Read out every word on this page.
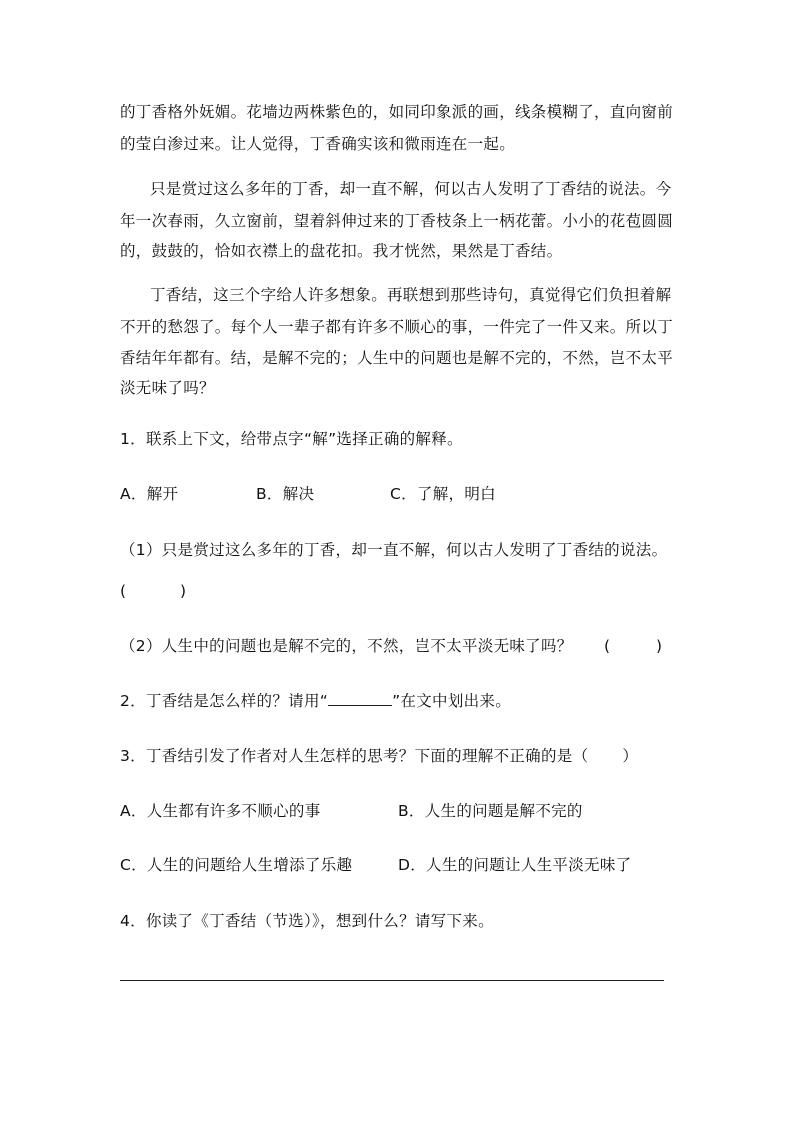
的丁香格外妩媚。花墙边两株紫色的，如同印象派的画，线条模糊了，直向窗前
的莹白渗过来。让人觉得，丁香确实该和微雨连在一起。
只是赏过这么多年的丁香，却一直不解，何以古人发明了丁香结的说法。今
年一次春雨，久立窗前，望着斜伸过来的丁香枝条上一柄花蕾。小小的花苞圆圆
的，鼓鼓的，恰如衣襟上的盘花扣。我才恍然，果然是丁香结。
丁香结，这三个字给人许多想象。再联想到那些诗句，真觉得它们负担着解
不开的愁怨了。每个人一辈子都有许多不顺心的事，一件完了一件又来。所以丁
香结年年都有。结，是解不完的；人生中的问题也是解不完的，不然，岂不太平
淡无味了吗？
1．联系上下文，给带点字“解”选择正确的解释。
A．解开	B．解决	C．了解，明白
（1）只是赏过这么多年的丁香，却一直不解，何以古人发明了丁香结的说法。
(	)
（2）人生中的问题也是解不完的，不然，岂不太平淡无味了吗？ (	)
2．丁香结是怎么样的？请用“	”在文中划出来。
3．丁香结引发了作者对人生怎样的思考？下面的理解不正确的是（ ）
A．人生都有许多不顺心的事	B．人生的问题是解不完的
C．人生的问题给人生增添了乐趣	D．人生的问题让人生平淡无味了
4．你读了《丁香结（节选）》，想到什么？请写下来。
